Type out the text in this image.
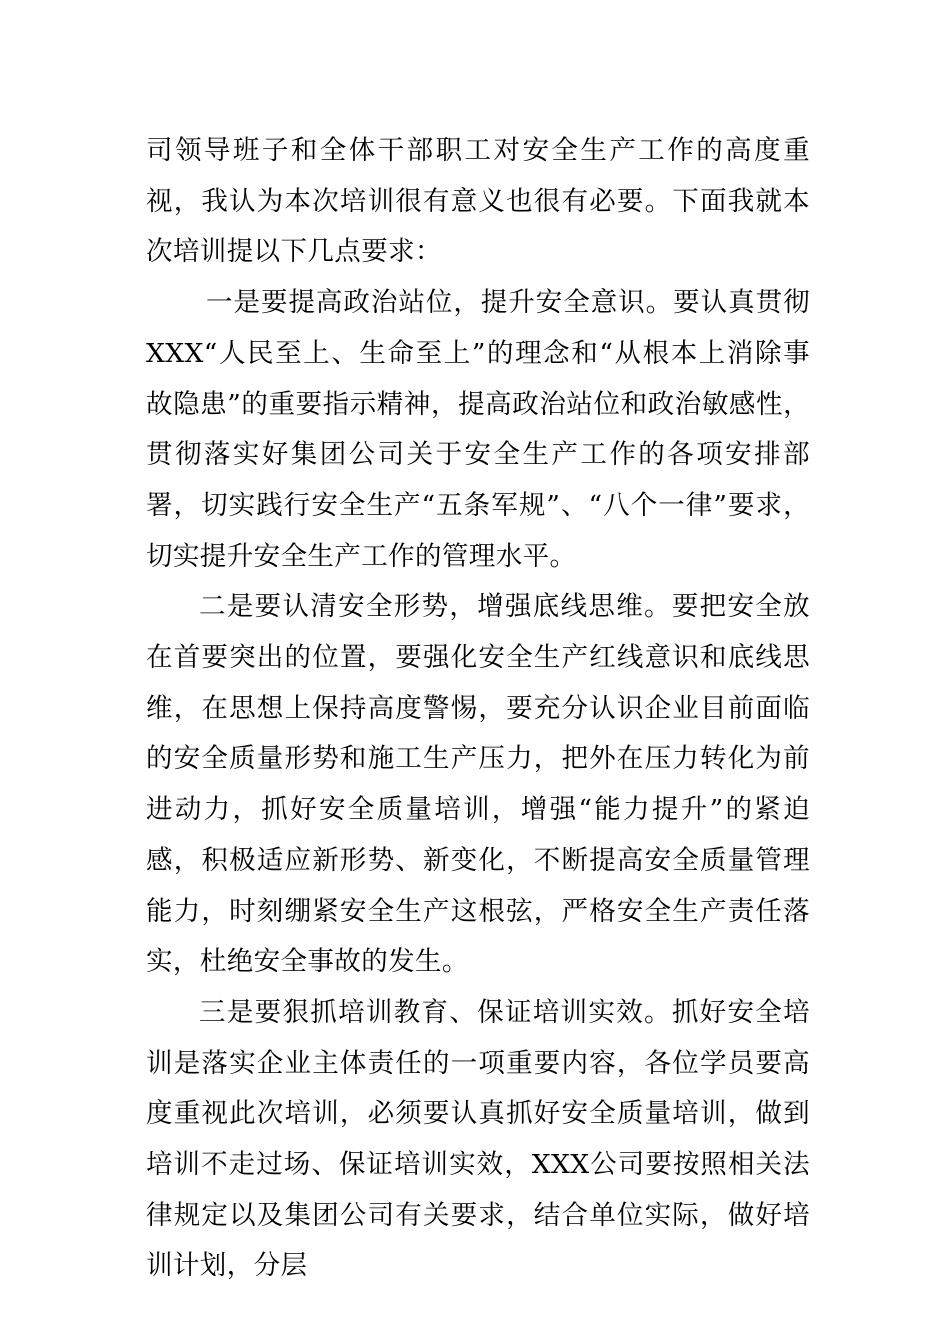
司领导班子和全体干部职工对安全生产工作的高度重视，我认为本次培训很有意义也很有必要。下面我就本次培训提以下几点要求：

一是要提高政治站位，提升安全意识。要认真贯彻XXX“人民至上、生命至上”的理念和“从根本上消除事故隐患”的重要指示精神，提高政治站位和政治敏感性，贯彻落实好集团公司关于安全生产工作的各项安排部署，切实践行安全生产“五条军规”、“八个一律”要求，切实提升安全生产工作的管理水平。

二是要认清安全形势，增强底线思维。要把安全放在首要突出的位置，要强化安全生产红线意识和底线思维，在思想上保持高度警惕，要充分认识企业目前面临的安全质量形势和施工生产压力，把外在压力转化为前进动力，抓好安全质量培训，增强“能力提升”的紧迫感，积极适应新形势、新变化，不断提高安全质量管理能力，时刻绷紧安全生产这根弦，严格安全生产责任落实，杜绝安全事故的发生。

三是要狠抓培训教育、保证培训实效。抓好安全培训是落实企业主体责任的一项重要内容，各位学员要高度重视此次培训，必须要认真抓好安全质量培训，做到培训不走过场、保证培训实效，XXX公司要按照相关法律规定以及集团公司有关要求，结合单位实际，做好培训计划，分层
